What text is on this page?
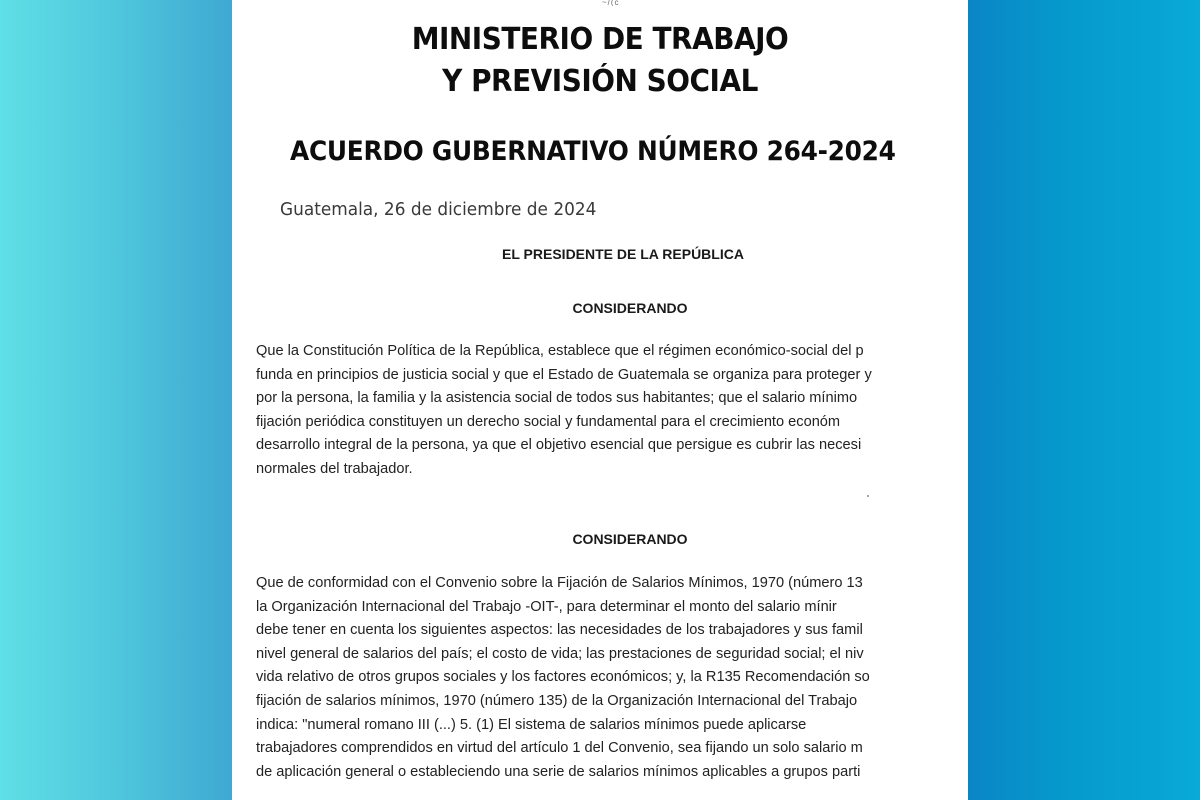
~/(c
MINISTERIO DE TRABAJO
Y PREVISIÓN SOCIAL
ACUERDO GUBERNATIVO NÚMERO 264-2024
Guatemala, 26 de diciembre de 2024
EL PRESIDENTE DE LA REPÚBLICA
CONSIDERANDO
Que la Constitución Política de la República, establece que el régimen económico-social del p
funda en principios de justicia social y que el Estado de Guatemala se organiza para proteger y
por la persona, la familia y la asistencia social de todos sus habitantes; que el salario mínimo
fijación periódica constituyen un derecho social y fundamental para el crecimiento económ
desarrollo integral de la persona, ya que el objetivo esencial que persigue es cubrir las necesi
normales del trabajador.
CONSIDERANDO
Que de conformidad con el Convenio sobre la Fijación de Salarios Mínimos, 1970 (número 13
la Organización Internacional del Trabajo -OIT-, para determinar el monto del salario mínir
debe tener en cuenta los siguientes aspectos: las necesidades de los trabajadores y sus famil
nivel general de salarios del país; el costo de vida; las prestaciones de seguridad social; el niv
vida relativo de otros grupos sociales y los factores económicos; y, la R135 Recomendación so
fijación de salarios mínimos, 1970 (número 135) de la Organización Internacional del Trabajo
indica: "numeral romano III (...) 5. (1) El sistema de salarios mínimos puede aplicarse
trabajadores comprendidos en virtud del artículo 1 del Convenio, sea fijando un solo salario m
de aplicación general o estableciendo una serie de salarios mínimos aplicables a grupos parti
